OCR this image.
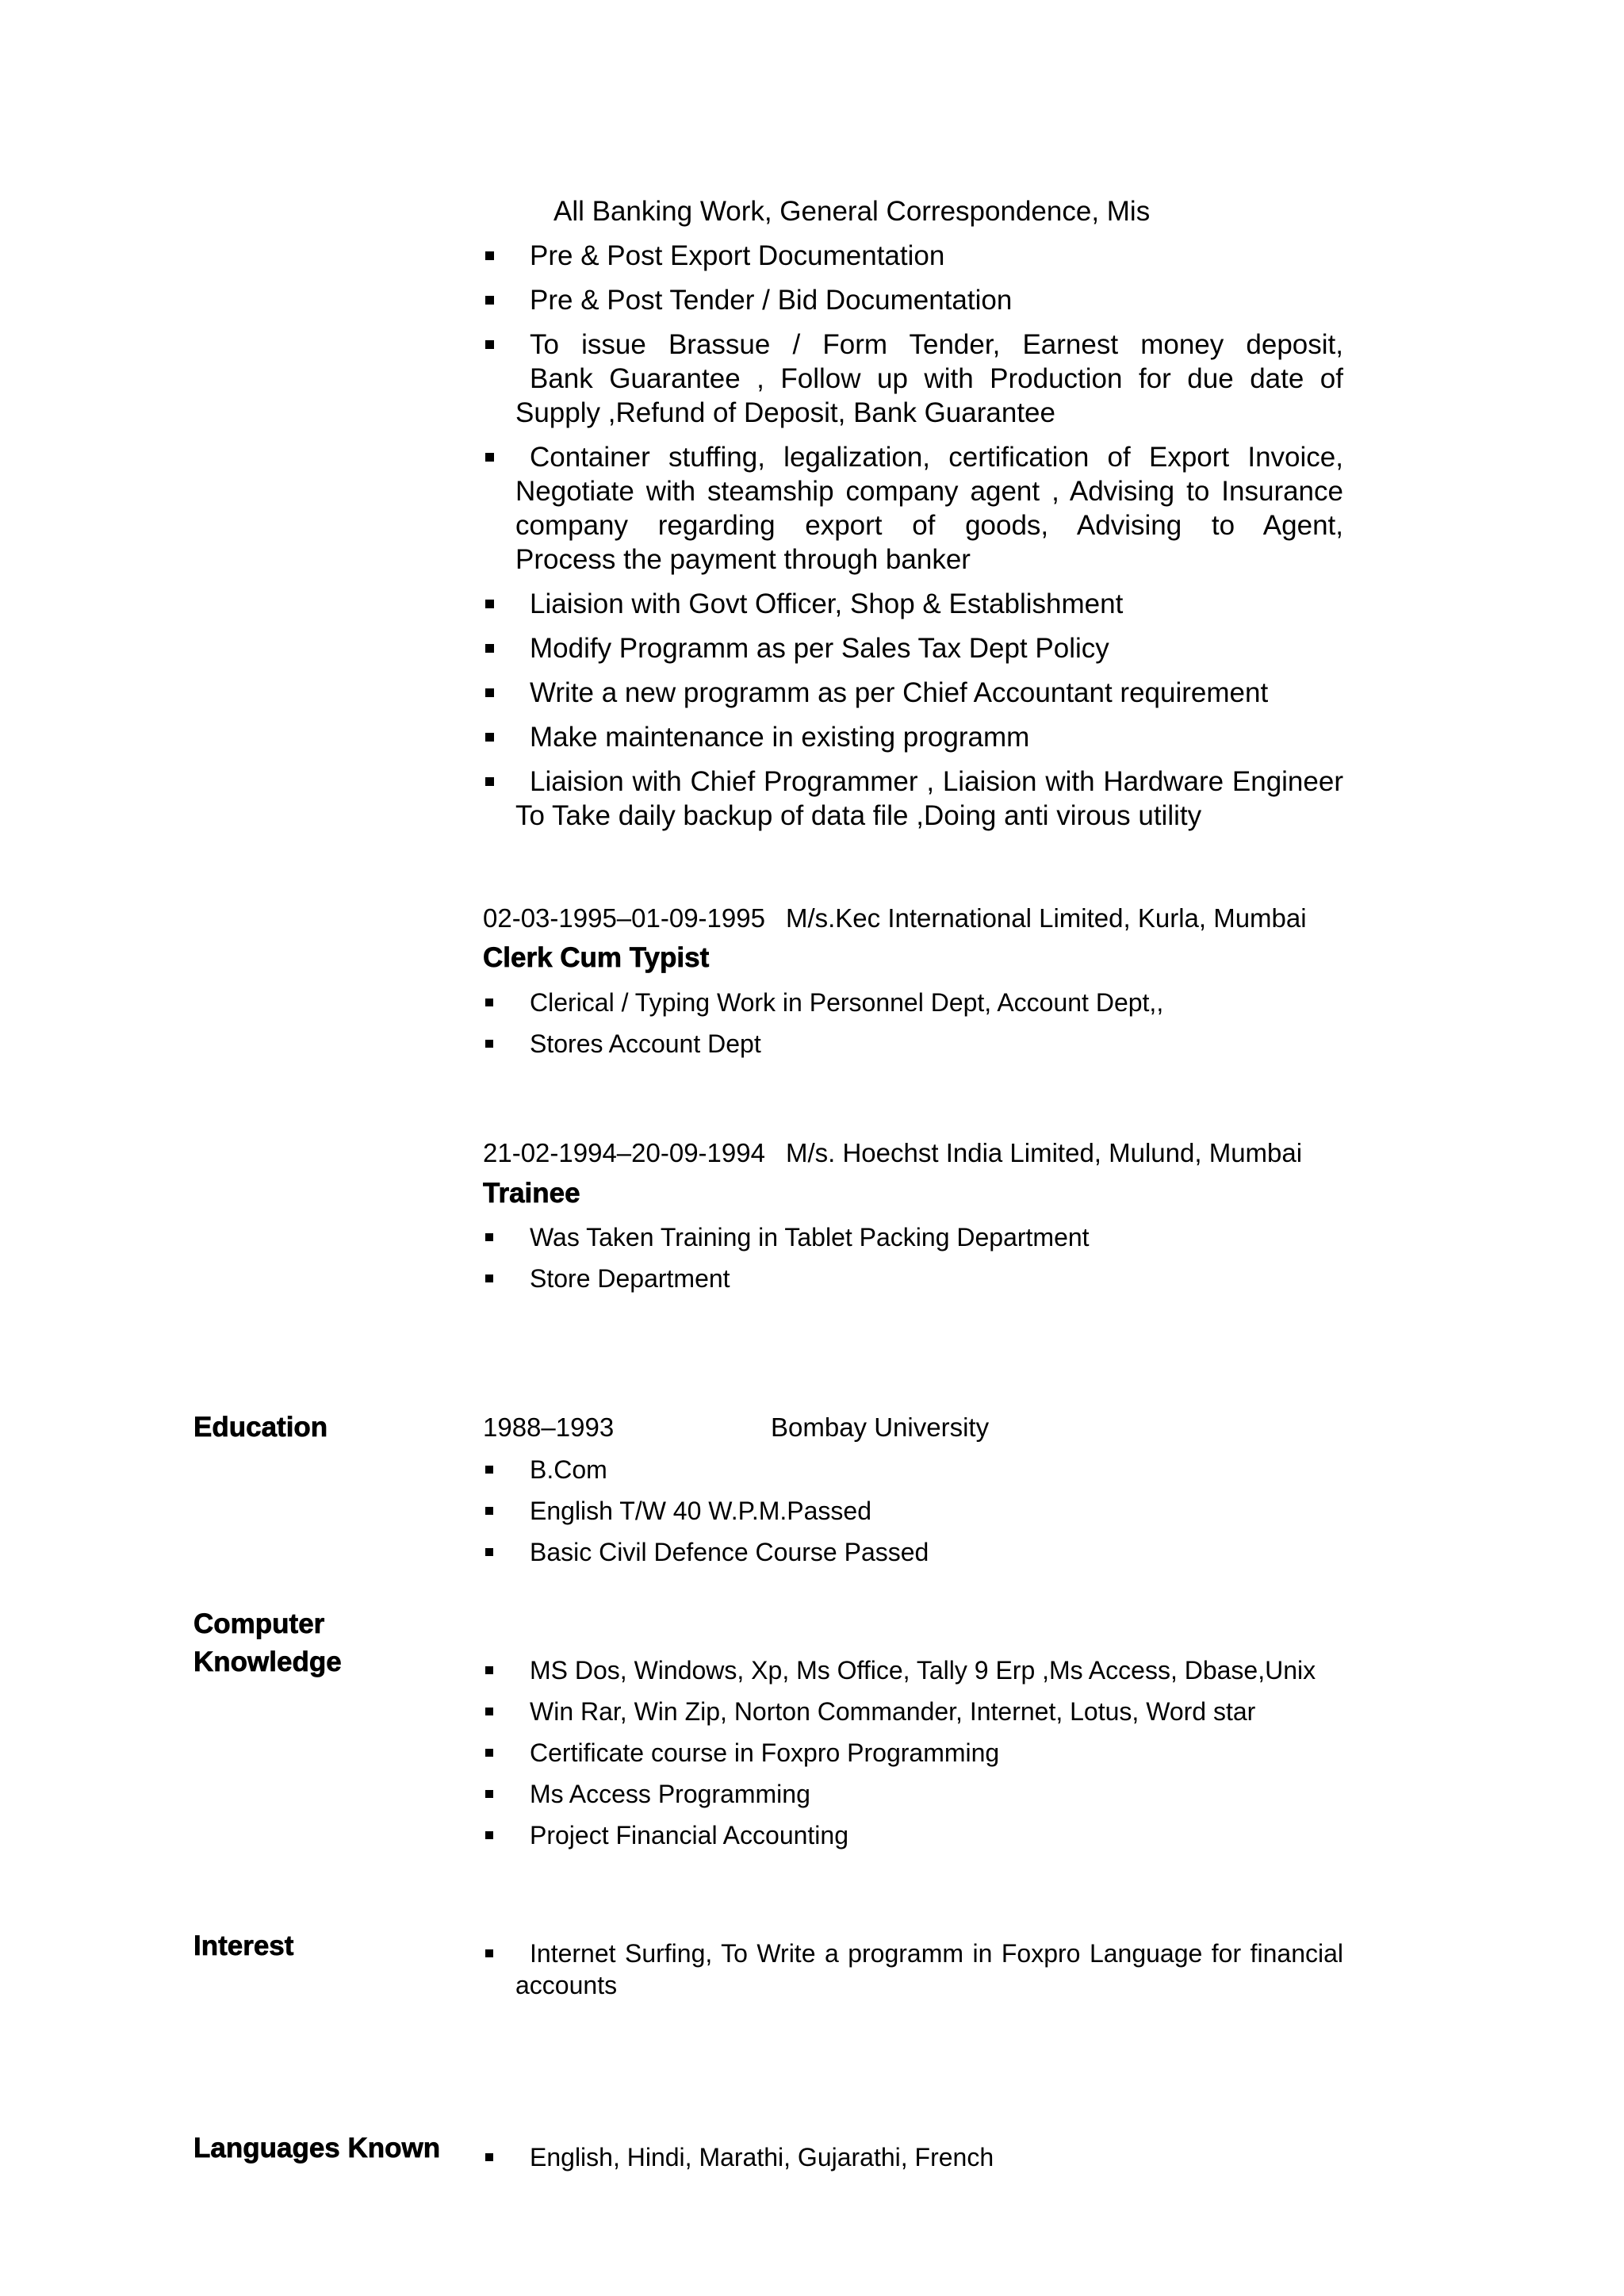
All Banking Work, General Correspondence, Mis
Pre & Post Export Documentation
Pre & Post Tender / Bid Documentation
To issue Brassue / Form Tender, Earnest money deposit,
Bank Guarantee , Follow up with Production for due date of
Supply ,Refund of Deposit, Bank Guarantee
Container stuffing, legalization, certification of Export Invoice,
Negotiate with steamship company agent , Advising to Insurance
company regarding export of goods, Advising to Agent,
Process the payment through banker
Liaision with Govt Officer, Shop & Establishment
Modify Programm as per Sales Tax Dept Policy
Write a new programm as per Chief Accountant requirement
Make maintenance in existing programm
Liaision with Chief Programmer , Liaision with Hardware Engineer
To Take daily backup of data file ,Doing anti virous utility
02-03-1995–01-09-1995 M/s.Kec International Limited, Kurla, Mumbai
Clerk Cum Typist
Clerical / Typing Work in Personnel Dept, Account Dept,,
Stores Account Dept
21-02-1994–20-09-1994 M/s. Hoechst India Limited, Mulund, Mumbai
Trainee
Was Taken Training in Tablet Packing Department
Store Department
Education	1988–1993	Bombay University
B.Com
English T/W 40 W.P.M.Passed
Basic Civil Defence Course Passed
Computer Knowledge	MS Dos, Windows, Xp, Ms Office, Tally 9 Erp ,Ms Access, Dbase,Unix
Win Rar, Win Zip, Norton Commander, Internet, Lotus, Word star
Certificate course in Foxpro Programming
Ms Access Programming
Project Financial Accounting
Interest	Internet Surfing, To Write a programm in Foxpro Language for financial
accounts
Languages Known	English, Hindi, Marathi, Gujarathi, French
